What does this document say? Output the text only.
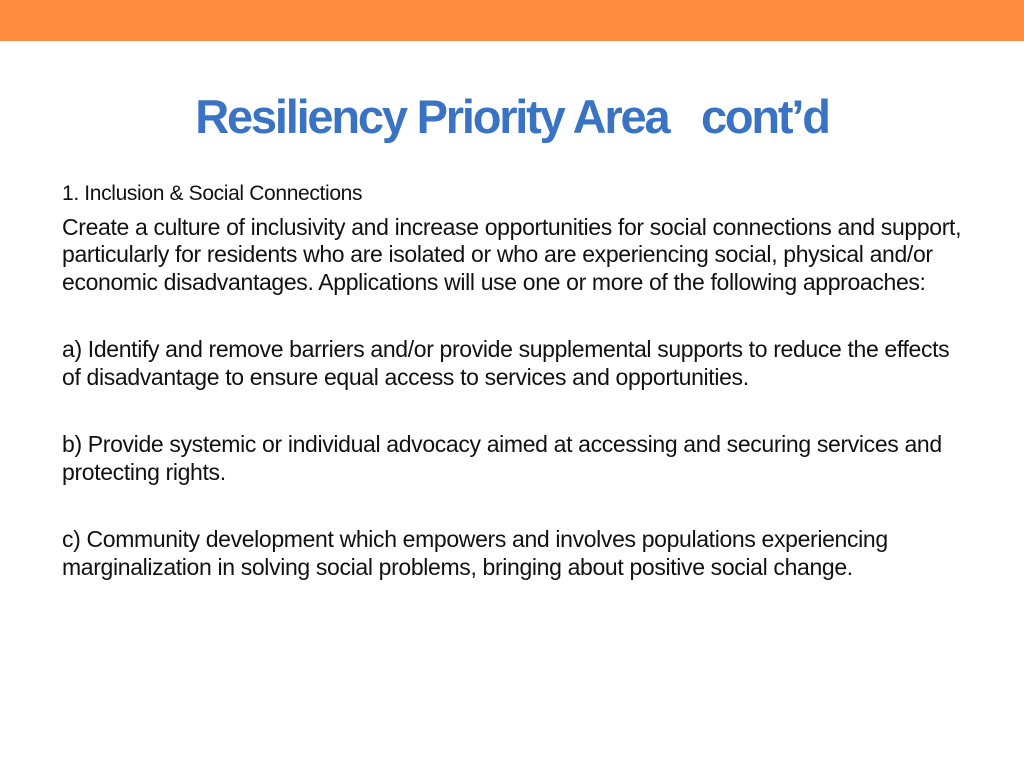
Resiliency Priority Area   cont’d
1. Inclusion & Social Connections
Create a culture of inclusivity and increase opportunities for social connections and support, particularly for residents who are isolated or who are experiencing social, physical and/or economic disadvantages. Applications will use one or more of the following approaches:
a) Identify and remove barriers and/or provide supplemental supports to reduce the effects of disadvantage to ensure equal access to services and opportunities.
b) Provide systemic or individual advocacy aimed at accessing and securing services and protecting rights.
c) Community development which empowers and involves populations experiencing marginalization in solving social problems, bringing about positive social change.
